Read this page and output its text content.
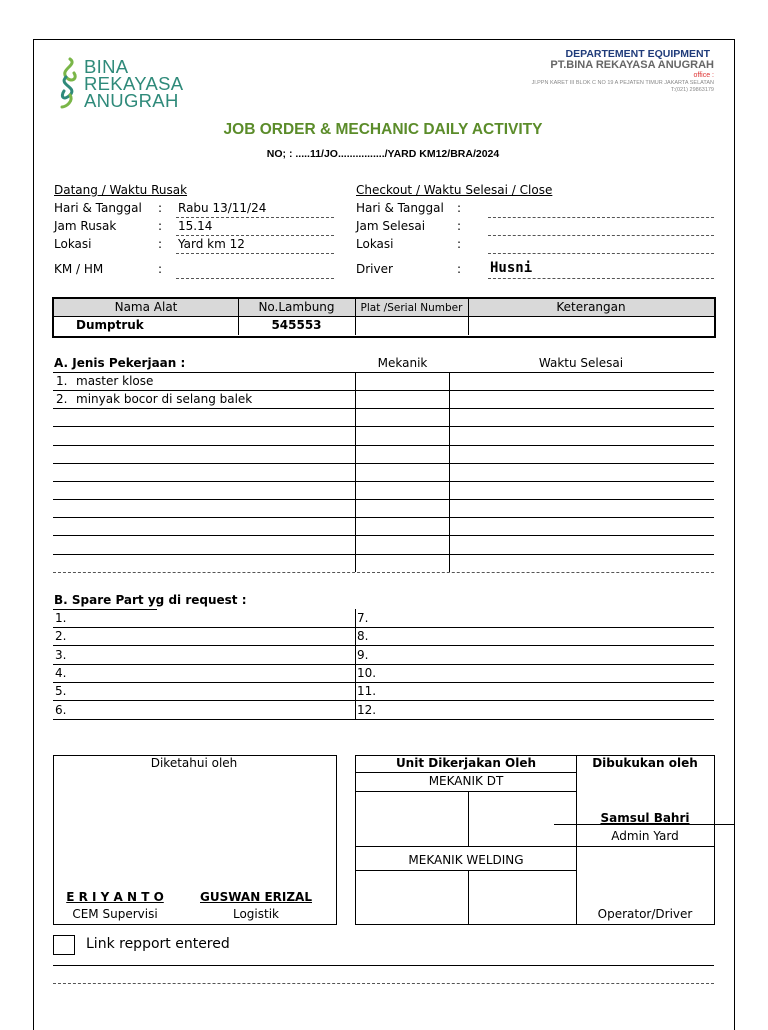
BINA
REKAYASA
ANUGRAH
DEPARTEMENT EQUIPMENT
PT.BINA REKAYASA ANUGRAH
office :
Jl.PPN KARET III BLOK C NO 19 A PEJATEN TIMUR JAKARTA SELATAN
T:(021) 29863179
JOB ORDER & MECHANIC DAILY ACTIVITY
NO; : .....11/JO................/YARD KM12/BRA/2024
Datang / Waktu Rusak	Checkout / Waktu Selesai / Close
Hari & Tanggal : Rabu 13/11/24
Jam Rusak	: 15.14
Lokasi	: Yard km 12
KM / HM	:
Hari & Tanggal :
Jam Selesai	:
Lokasi	:
Driver	: Husni
Nama Alat	No.Lambung	Plat /Serial Number	Keterangan
Dumptruk	545553
A. Jenis Pekerjaan :	Mekanik	Waktu Selesai
1. master klose
2. minyak bocor di selang balek
B. Spare Part yg di request :
1.	7.
2.	8.
3.	9.
4.	10.
5.	11.
6.	12.
Diketahui oleh
E R I Y A N T O	GUSWAN ERIZAL
CEM Supervisi	Logistik
Unit Dikerjakan Oleh
MEKANIK DT
MEKANIK WELDING
Dibukukan oleh
Samsul Bahri
Admin Yard
Operator/Driver
Link repport entered
